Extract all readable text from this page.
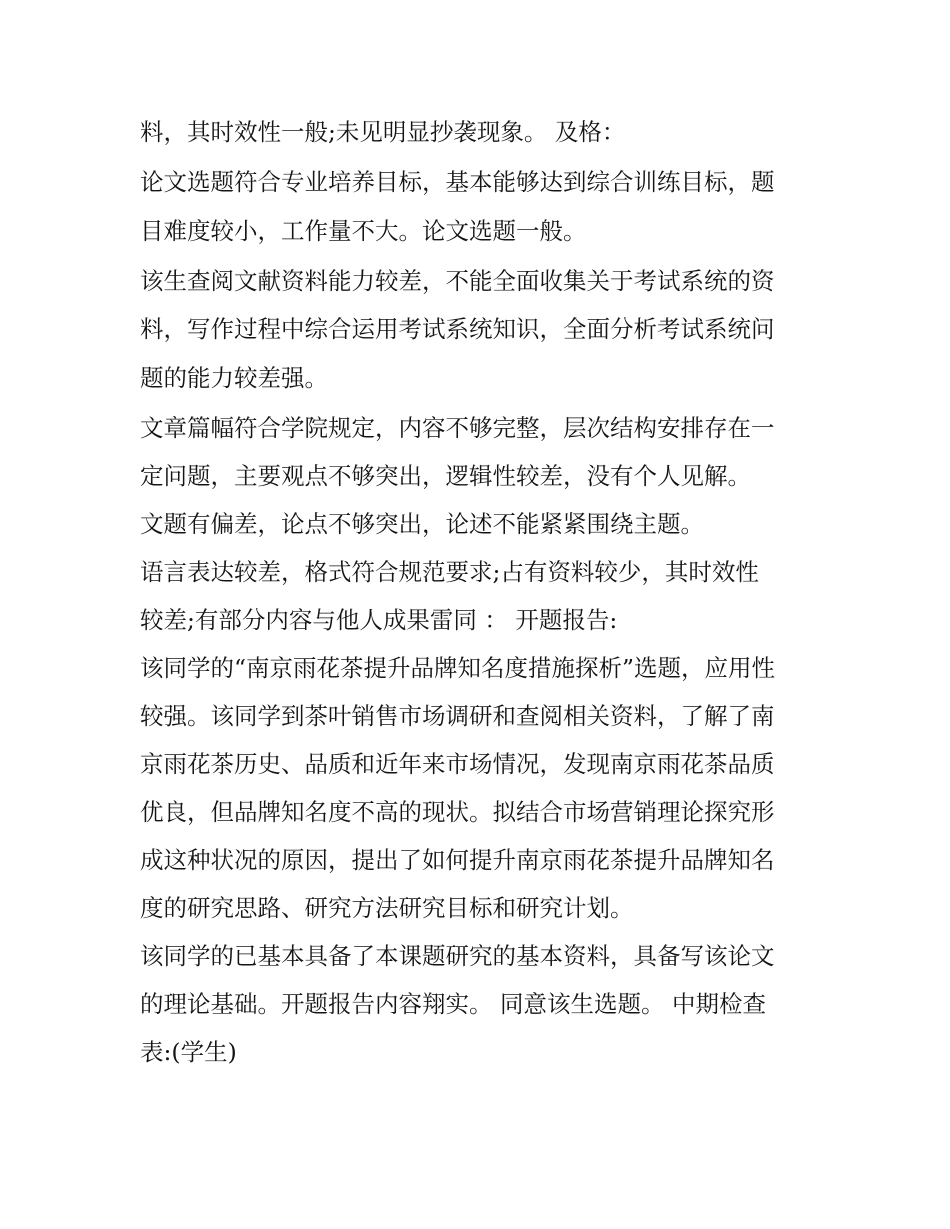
料，其时效性一般;未见明显抄袭现象。 及格：
论文选题符合专业培养目标，基本能够达到综合训练目标，题
目难度较小，工作量不大。论文选题一般。
该生查阅文献资料能力较差，不能全面收集关于考试系统的资
料，写作过程中综合运用考试系统知识，全面分析考试系统问
题的能力较差强。
文章篇幅符合学院规定，内容不够完整，层次结构安排存在一
定问题，主要观点不够突出，逻辑性较差，没有个人见解。
文题有偏差，论点不够突出，论述不能紧紧围绕主题。
语言表达较差，格式符合规范要求;占有资料较少，其时效性
较差;有部分内容与他人成果雷同 ： 开题报告:
该同学的“南京雨花茶提升品牌知名度措施探析”选题，应用性
较强。该同学到茶叶销售市场调研和查阅相关资料，了解了南
京雨花茶历史、品质和近年来市场情况，发现南京雨花茶品质
优良，但品牌知名度不高的现状。拟结合市场营销理论探究形
成这种状况的原因，提出了如何提升南京雨花茶提升品牌知名
度的研究思路、研究方法研究目标和研究计划。
该同学的已基本具备了本课题研究的基本资料，具备写该论文
的理论基础。开题报告内容翔实。 同意该生选题。 中期检查
表:(学生)
